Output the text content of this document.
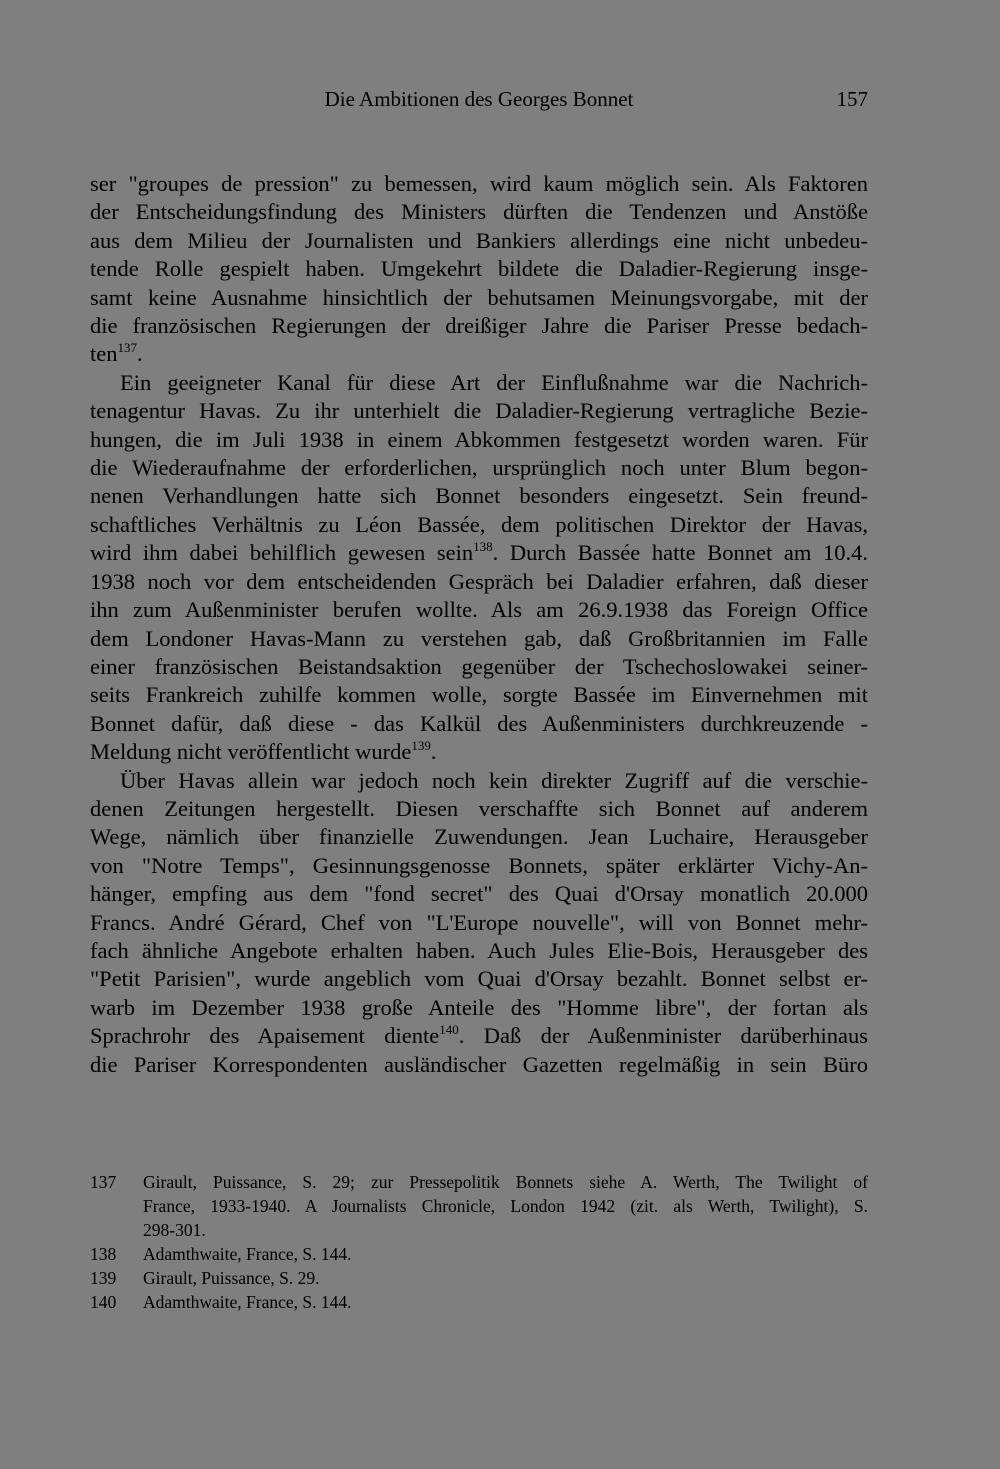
Die Ambitionen des Georges Bonnet	157
ser "groupes de pression" zu bemessen, wird kaum möglich sein. Als Faktoren
der Entscheidungsfindung des Ministers dürften die Tendenzen und Anstöße
aus dem Milieu der Journalisten und Bankiers allerdings eine nicht unbedeu-
tende Rolle gespielt haben. Umgekehrt bildete die Daladier-Regierung insge-
samt keine Ausnahme hinsichtlich der behutsamen Meinungsvorgabe, mit der
die französischen Regierungen der dreißiger Jahre die Pariser Presse bedach-
ten$^{137}$.
Ein geeigneter Kanal für diese Art der Einflußnahme war die Nachrich-
tenagentur Havas. Zu ihr unterhielt die Daladier-Regierung vertragliche Bezie-
hungen, die im Juli 1938 in einem Abkommen festgesetzt worden waren. Für
die Wiederaufnahme der erforderlichen, ursprünglich noch unter Blum begon-
nenen Verhandlungen hatte sich Bonnet besonders eingesetzt. Sein freund-
schaftliches Verhältnis zu Léon Bassée, dem politischen Direktor der Havas,
wird ihm dabei behilflich gewesen sein$^{138}$. Durch Bassée hatte Bonnet am 10.4.
1938 noch vor dem entscheidenden Gespräch bei Daladier erfahren, daß dieser
ihn zum Außenminister berufen wollte. Als am 26.9.1938 das Foreign Office
dem Londoner Havas-Mann zu verstehen gab, daß Großbritannien im Falle
einer französischen Beistandsaktion gegenüber der Tschechoslowakei seiner-
seits Frankreich zuhilfe kommen wolle, sorgte Bassée im Einvernehmen mit
Bonnet dafür, daß diese - das Kalkül des Außenministers durchkreuzende -
Meldung nicht veröffentlicht wurde$^{139}$.
Über Havas allein war jedoch noch kein direkter Zugriff auf die verschie-
denen Zeitungen hergestellt. Diesen verschaffte sich Bonnet auf anderem
Wege, nämlich über finanzielle Zuwendungen. Jean Luchaire, Herausgeber
von "Notre Temps", Gesinnungsgenosse Bonnets, später erklärter Vichy-An-
hänger, empfing aus dem "fond secret" des Quai d'Orsay monatlich 20.000
Francs. André Gérard, Chef von "L'Europe nouvelle", will von Bonnet mehr-
fach ähnliche Angebote erhalten haben. Auch Jules Elie-Bois, Herausgeber des
"Petit Parisien", wurde angeblich vom Quai d'Orsay bezahlt. Bonnet selbst er-
warb im Dezember 1938 große Anteile des "Homme libre", der fortan als
Sprachrohr des Apaisement diente$^{140}$. Daß der Außenminister darüberhinaus
die Pariser Korrespondenten ausländischer Gazetten regelmäßig in sein Büro
137 Girault, Puissance, S. 29; zur Pressepolitik Bonnets siehe A. Werth, The Twilight of
France, 1933-1940. A Journalists Chronicle, London 1942 (zit. als Werth, Twilight), S.
298-301.
138 Adamthwaite, France, S. 144.
139 Girault, Puissance, S. 29.
140 Adamthwaite, France, S. 144.
